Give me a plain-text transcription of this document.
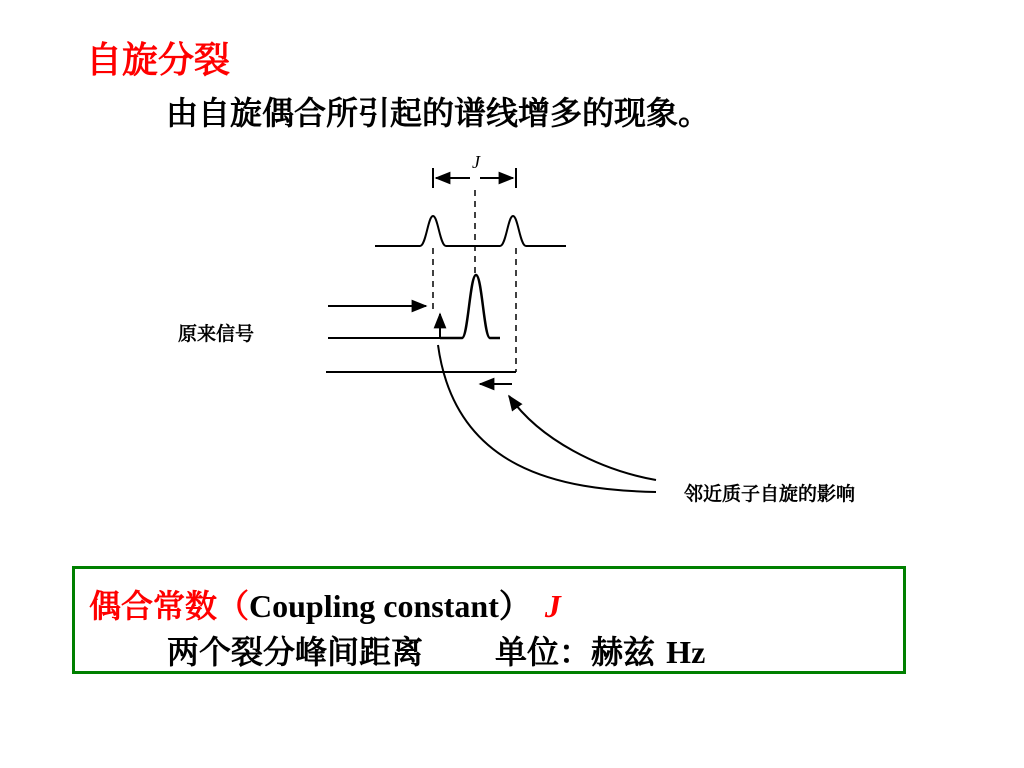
自旋分裂
由自旋偶合所引起的谱线增多的现象。
J
原来信号
邻近质子自旋的影响
偶合常数（Coupling constant） J
两个裂分峰间距离 单位：赫兹 Hz
